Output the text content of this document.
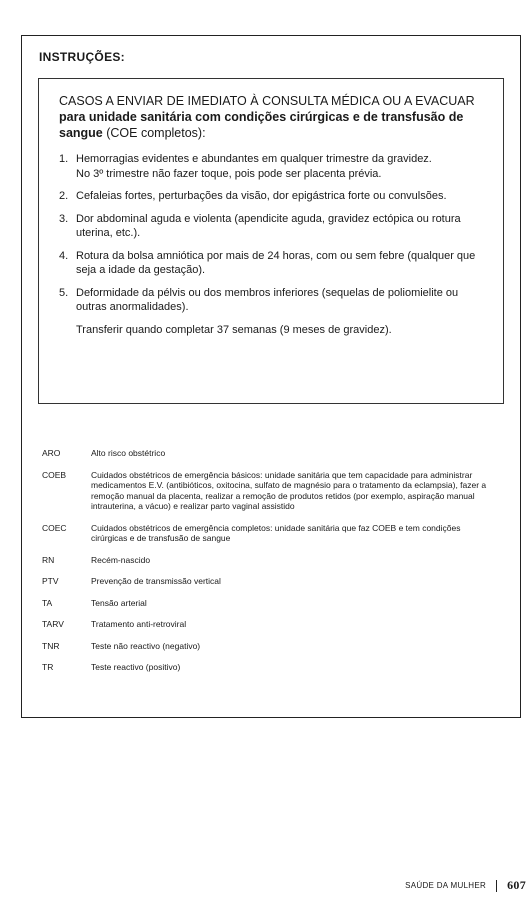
INSTRUÇÕES:

CASOS A ENVIAR DE IMEDIATO À CONSULTA MÉDICA OU A EVACUAR para unidade sanitária com condições cirúrgicas e de transfusão de sangue (COE completos):

1. Hemorragias evidentes e abundantes em qualquer trimestre da gravidez.
No 3º trimestre não fazer toque, pois pode ser placenta prévia.
2. Cefaleias fortes, perturbações da visão, dor epigástrica forte ou convulsões.
3. Dor abdominal aguda e violenta (apendicite aguda, gravidez ectópica ou rotura uterina, etc.).
4. Rotura da bolsa amniótica por mais de 24 horas, com ou sem febre (qualquer que seja a idade da gestação).
5. Deformidade da pélvis ou dos membros inferiores (sequelas de poliomielite ou outras anormalidades).

Transferir quando completar 37 semanas (9 meses de gravidez).

ARO	Alto risco obstétrico
COEB	Cuidados obstétricos de emergência básicos: unidade sanitária que tem capacidade para administrar medicamentos E.V. (antibióticos, oxitocina, sulfato de magnésio para o tratamento da eclampsia), fazer a remoção manual da placenta, realizar a remoção de produtos retidos (por exemplo, aspiração manual intrauterina, a vácuo) e realizar parto vaginal assistido
COEC	Cuidados obstétricos de emergência completos: unidade sanitária que faz COEB e tem condições cirúrgicas e de transfusão de sangue
RN	Recém-nascido
PTV	Prevenção de transmissão vertical
TA	Tensão arterial
TARV	Tratamento anti-retroviral
TNR	Teste não reactivo (negativo)
TR	Teste reactivo (positivo)
SAÚDE DA MULHER 607
